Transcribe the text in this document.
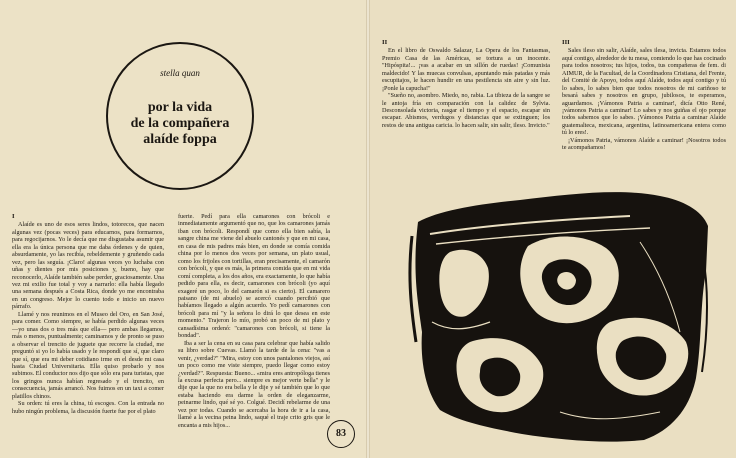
stella quan
por la vida
de la compañera
alaíde foppa

I

Alaíde es uno de esos seres lindos, totorecos, que nacen algunas vez (pocas veces) para educarnos, para formarnos, para regocijarnos. Yo le decía que me disgustaba asumir que ella era la única persona que me daba órdenes y de quien, absurdamente, yo las recibía, rebeldemente y gruñendo cada vez, pero las seguía. ¡Claro! algunas veces yo luchaba con uñas y dientes por mis posiciones y, bueno, hay que reconocerlo, Alaíde también sabe perder, graciosamente. Una vez mi exilio fue total y voy a narrarlo: ella había llegado una semana después a Costa Rica, donde yo me encontraba en un congreso. Mejor lo cuento todo e inicio un nuevo párrafo.

Llamé y nos reunimos en el Museo del Oro, en San José, para comer. Como siempre, se había perdido algunas veces —yo unas dos o tres más que ella— pero ambas llegamos, más o menos, puntualmente; caminamos y de pronto se puso a observar el trencito de juguete que recorre la ciudad, me preguntó si yo lo había usado y le respondí que sí, que claro que sí, que era mi deber cotidiano irme en el desde mi casa hasta Ciudad Universitaria. Ella quiso probarlo y nos subimos. El conductor nos dijo que sólo era para turistas, que los gringos nunca habían regresado y el trencito, en consecuencia, jamás arrancó. Nos fuimos en un taxi a comer platillos chinos.

Su orden: tú eres la china, tú escoges. Con la entrada no hubo ningún problema, la discusión fuerte fue por el plato

fuerte. Pedí para ella camarones con brócoli e inmediatamente argumentó que no, que los camarones jamás iban con brócoli. Respondí que como ella bien sabía, la sangre china me viene del abuelo cantonés y que en mi casa, en casa de mis padres más bien, en donde se comía comida china por lo menos dos veces por semana, un plato usual, como los frijoles con tortillas, eran precisamente, el camarón con brócoli, y que es más, la primera comida que en mi vida comí completa, a los dos años, era exactamente, lo que había pedido para ella, es decir, camarones con brócoli (yo aquí exageré un poco, lo del camarón si es cierto). El camarero paisano (de mi abuelo) se acercó cuando percibió que habíamos llegado a algún acuerdo. Yo pedí camarones con brócoli para mí "y la señora lo dirá lo que desea en este momento." Trajeron lo mío, probó un poco de mi plato y cansadísima ordenó: "camarones con brócoli, si tiene la bondad".

Iba a ser la cena en su casa para celebrar que había salido su libro sobre Cuevas. Llamó la tarde de la cena: "vas a venir, ¿verdad?" "Mira, estoy con unos pantalones viejos, así un poco como me viste siempre, puedo llegar como estoy ¿verdad?". Respuesta: Bueno... «mira eres antropóloga tienes la excusa perfecta pero... siempre es mejor verte bella" y le dije que la que no era bella y le dije y sé también que lo que estaba haciendo era darme la orden de eleganzarme, peinarme lindo, qué sé yo. Colgué. Decidí rebelarme de una vez por todas. Cuando se acercaba la hora de ir a la casa, llamé a la vecina peina lindo, saqué el traje crito gris que le encanta a mis hijos...

83

II

En el libro de Oswaldo Salazar, La Opera de los Fantasmas, Premio Casa de las Américas, se tortura a un inocente. "Hipóspita!... ¡vas a acabar en un sillón de ruedas! ¡Comunista maldecido! Y las muecas convulsas, apuntando más patadas y más escupitajos, le hacen hundir en una pestilencia sin aire y sin luz. ¡Ponle la capucha!"

"Sueño no, asombro. Miedo, no, rabia. La tibieza de la sangre se le antoja fría en comparación con la calidez de Sylvia. Desconsolada victoria, rasgar el tiempo y el espacio, escapar sin escapar. Abismos, verdugos y distancias que se extinguen; los restos de una antigua caricia. lo hacen salir, sin salir, ileso. Invicto."

III

Sales ileso sin salir, Alaíde, sales ilesa, invicta. Estamos todos aquí contigo, alrededor de tu mesa, comiendo lo que has cocinado para todos nosotros; tus hijos, todos, tus compañeras de fem. di AIMUR, de la Facultad, de la Coordinadora Cristiana, del Frente, del Comité de Apoyo, todos aquí Alaíde, todos aquí contigo y tú lo sabes, lo sabes bien que todos nosotros de mi cariñoso te besará sabes y nosotros en grupo, jubilosos, te esperamos, aguardamos. ¡Vámonos Patria a caminar!, dicía Otto René, ¡vámonos Patria a caminar! Lo sabes y nos guiñas el ojo porque todos sabemos que lo sabes. ¡Vámonos Patria a caminar Alaíde guatemalteca, mexicana, argentina, latinoamericana entera como tú lo eres!.

¡Vámonos Patria, vámonos Alaíde a caminar! ¡Nosotros todos te acompañamos!
